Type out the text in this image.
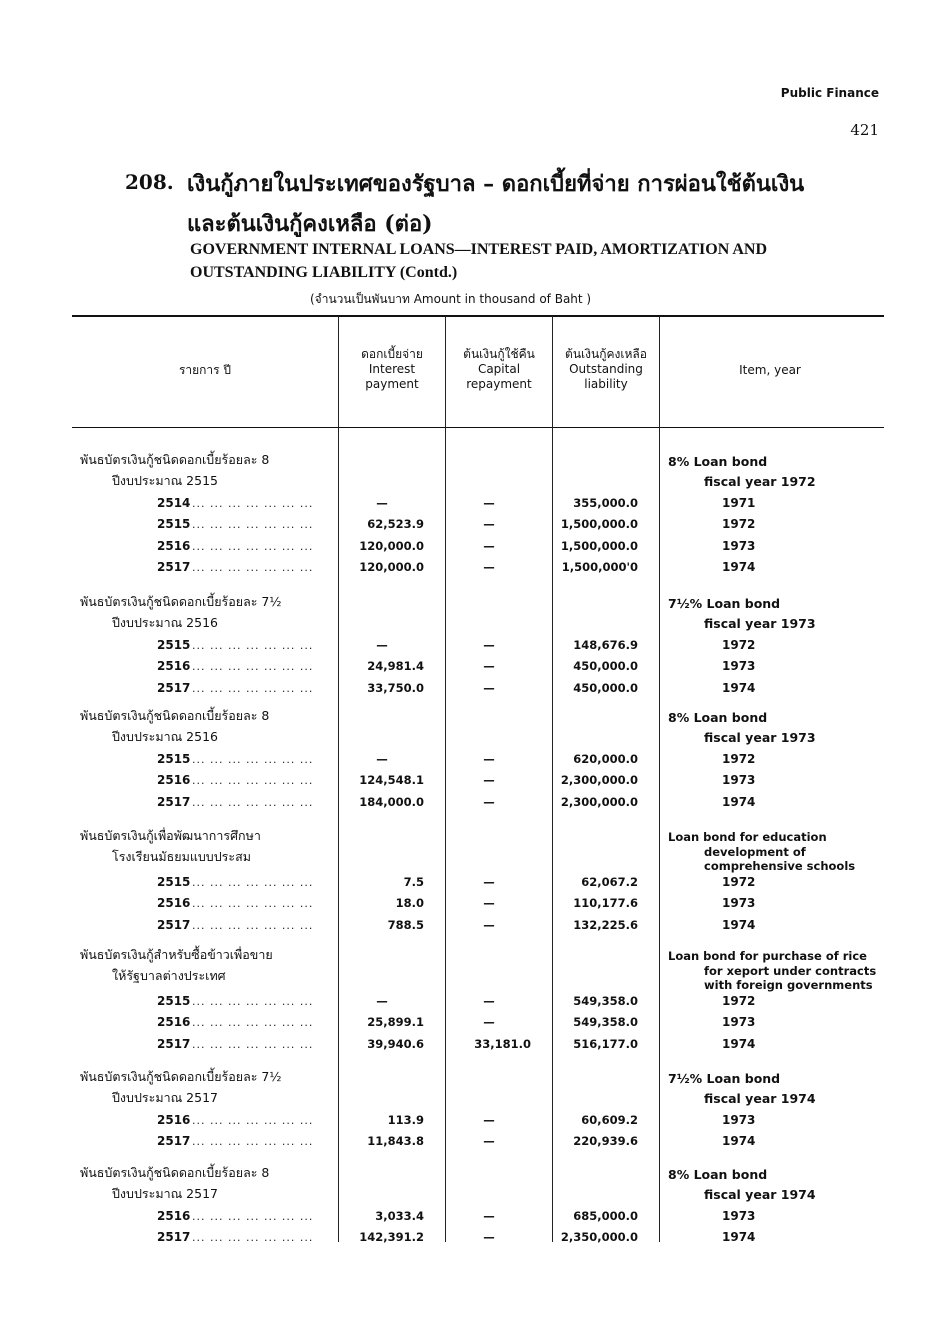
Public Finance
421
208. เงินกู้ภายในประเทศของรัฐบาล – ดอกเบี้ยที่จ่าย การผ่อนใช้ต้นเงิน
และต้นเงินกู้คงเหลือ (ต่อ)
GOVERNMENT INTERNAL LOANS—INTEREST PAID, AMORTIZATION AND
OUTSTANDING LIABILITY (Contd.)
(จำนวนเป็นพันบาท Amount in thousand of Baht )
รายการ ปี
ดอกเบี้ยจ่าย
Interest
payment
ต้นเงินกู้ใช้คืน
Capital
repayment
ต้นเงินกู้คงเหลือ
Outstanding
liability
Item, year
พันธบัตรเงินกู้ชนิดดอกเบี้ยร้อยละ 8
ปีงบประมาณ 2515
8% Loan bond
fiscal year 1972
2514 ... ... ... ... ... ... ...	—	—	355,000.0	1971
2515 ... ... ... ... ... ... ...	62,523.9	—	1,500,000.0	1972
2516 ... ... ... ... ... ... ...	120,000.0	—	1,500,000.0	1973
2517 ... ... ... ... ... ... ...	120,000.0	—	1,500,000'0	1974
พันธบัตรเงินกู้ชนิดดอกเบี้ยร้อยละ 7½
ปีงบประมาณ 2516
7½% Loan bond
fiscal year 1973
2515 ... ... ... ... ... ... ...	—	—	148,676.9	1972
2516 ... ... ... ... ... ... ...	24,981.4	—	450,000.0	1973
2517 ... ... ... ... ... ... ...	33,750.0	—	450,000.0	1974
พันธบัตรเงินกู้ชนิดดอกเบี้ยร้อยละ 8
ปีงบประมาณ 2516
8% Loan bond
fiscal year 1973
2515 ... ... ... ... ... ... ...	—	—	620,000.0	1972
2516 ... ... ... ... ... ... ...	124,548.1	—	2,300,000.0	1973
2517 ... ... ... ... ... ... ...	184,000.0	—	2,300,000.0	1974
พันธบัตรเงินกู้เพื่อพัฒนาการศึกษา
โรงเรียนมัธยมแบบประสม
Loan bond for education
development of
comprehensive schools
2515 ... ... ... ... ... ... ...	7.5	—	62,067.2	1972
2516 ... ... ... ... ... ... ...	18.0	—	110,177.6	1973
2517 ... ... ... ... ... ... ...	788.5	—	132,225.6	1974
พันธบัตรเงินกู้สำหรับซื้อข้าวเพื่อขาย
ให้รัฐบาลต่างประเทศ
Loan bond for purchase of rice
for xeport under contracts
with foreign governments
2515 ... ... ... ... ... ... ...	—	—	549,358.0	1972
2516 ... ... ... ... ... ... ...	25,899.1	—	549,358.0	1973
2517 ... ... ... ... ... ... ...	39,940.6	33,181.0	516,177.0	1974
พันธบัตรเงินกู้ชนิดดอกเบี้ยร้อยละ 7½
ปีงบประมาณ 2517
7½% Loan bond
fiscal year 1974
2516 ... ... ... ... ... ... ...	113.9	—	60,609.2	1973
2517 ... ... ... ... ... ... ...	11,843.8	—	220,939.6	1974
พันธบัตรเงินกู้ชนิดดอกเบี้ยร้อยละ 8
ปีงบประมาณ 2517
8% Loan bond
fiscal year 1974
2516 ... ... ... ... ... ... ...	3,033.4	—	685,000.0	1973
2517 ... ... ... ... ... ... ...	142,391.2	—	2,350,000.0	1974
